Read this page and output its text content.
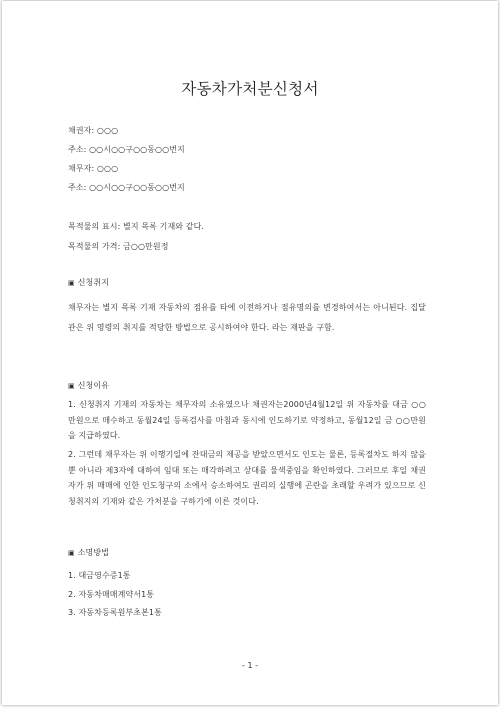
자동차가처분신청서
채권자: ○○○
주소: ○○시○○구○○동○○번지
채무자: ○○○
주소: ○○시○○구○○동○○번지
목적물의 표시: 별지 목록 기재와 같다.
목적물의 가격: 금○○만원정
▣ 신청취지
채무자는 별지 목록 기재 자동차의 점유를 타에 이전하거나 점유명의를 변경하여서는 아니된다. 집달관은 위 명령의 취지를 적당한 방법으로 공시하여야 한다. 라는 재판을 구함.
▣ 신청이유
1. 신청취지 기재의 자동차는 채무자의 소유였으나 채권자는2000년4월12일 위 자동차를 대금 ○○만원으로 매수하고 동월24일 등록검사를 마침과 동시에 인도하기로 약정하고, 동월12일 금 ○○만원을 지급하였다.
2. 그런데 채무자는 위 이행기일에 잔대금의 제공을 받았으면서도 인도는 물론, 등록절차도 하지 않을뿐 아니라 제3자에 대하여 임대 또는 매각하려고 상대를 물색중임을 확인하였다. 그러므로 후일 채권자가 위 매매에 인한 인도청구의 소에서 승소하여도 권리의 실행에 곤란을 초래할 우려가 있으므로 신청취지의 기재와 같은 가처분을 구하기에 이른 것이다.
▣ 소명방법
1. 대금영수증1통
2. 자동차매매계약서1통
3. 자동차등록원부초본1통
- 1 -
